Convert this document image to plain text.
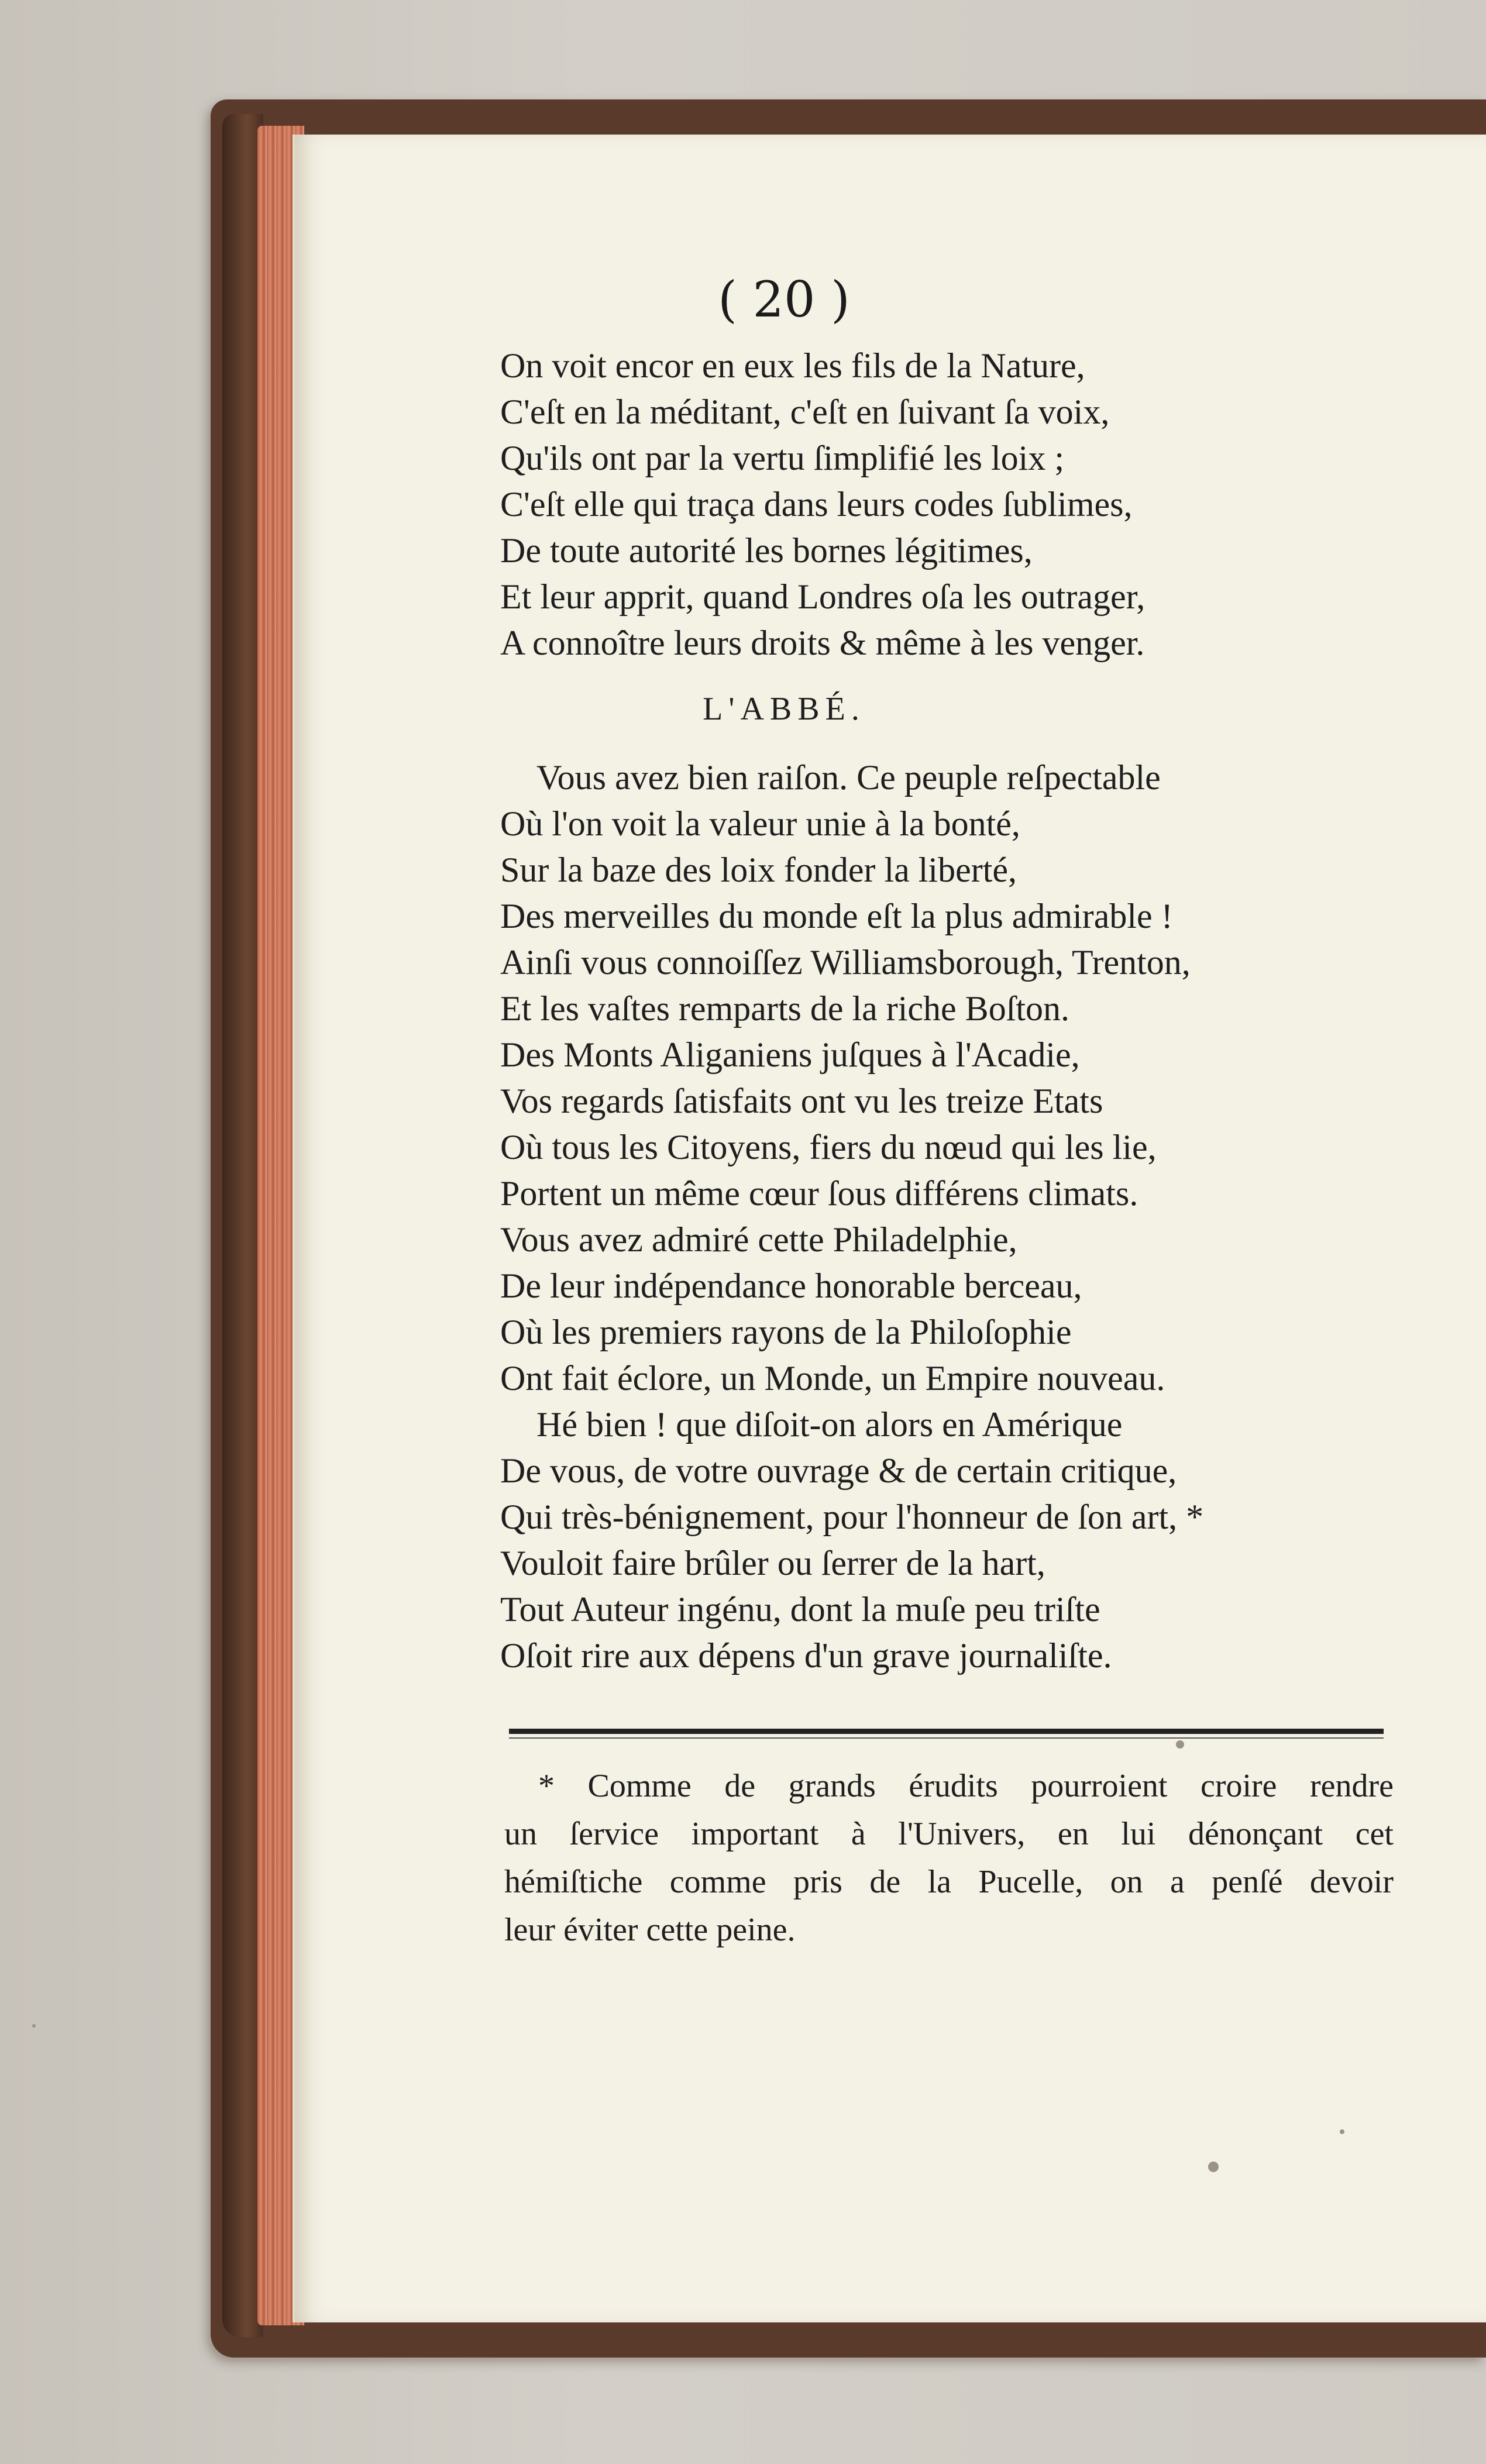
( 20 )
On voit encor en eux les fils de la Nature,
C'eſt en la méditant, c'eſt en ſuivant ſa voix,
Qu'ils ont par la vertu ſimplifié les loix ;
C'eſt elle qui traça dans leurs codes ſublimes,
De toute autorité les bornes légitimes,
Et leur apprit, quand Londres oſa les outrager,
A connoître leurs droits & même à les venger.
L'ABBÉ.
Vous avez bien raiſon. Ce peuple reſpectable
Où l'on voit la valeur unie à la bonté,
Sur la baze des loix fonder la liberté,
Des merveilles du monde eſt la plus admirable !
Ainſi vous connoiſſez Williamsborough, Trenton,
Et les vaſtes remparts de la riche Boſton.
Des Monts Aliganiens juſques à l'Acadie,
Vos regards ſatisfaits ont vu les treize Etats
Où tous les Citoyens, fiers du nœud qui les lie,
Portent un même cœur ſous différens climats.
Vous avez admiré cette Philadelphie,
De leur indépendance honorable berceau,
Où les premiers rayons de la Philoſophie
Ont fait éclore, un Monde, un Empire nouveau.
Hé bien ! que diſoit-on alors en Amérique
De vous, de votre ouvrage & de certain critique,
Qui très-bénignement, pour l'honneur de ſon art, *
Vouloit faire brûler ou ſerrer de la hart,
Tout Auteur ingénu, dont la muſe peu triſte
Oſoit rire aux dépens d'un grave journaliſte.
* Comme de grands érudits pourroient croire rendre
un ſervice important à l'Univers, en lui dénonçant cet
hémiſtiche comme pris de la Pucelle, on a penſé devoir
leur éviter cette peine.
